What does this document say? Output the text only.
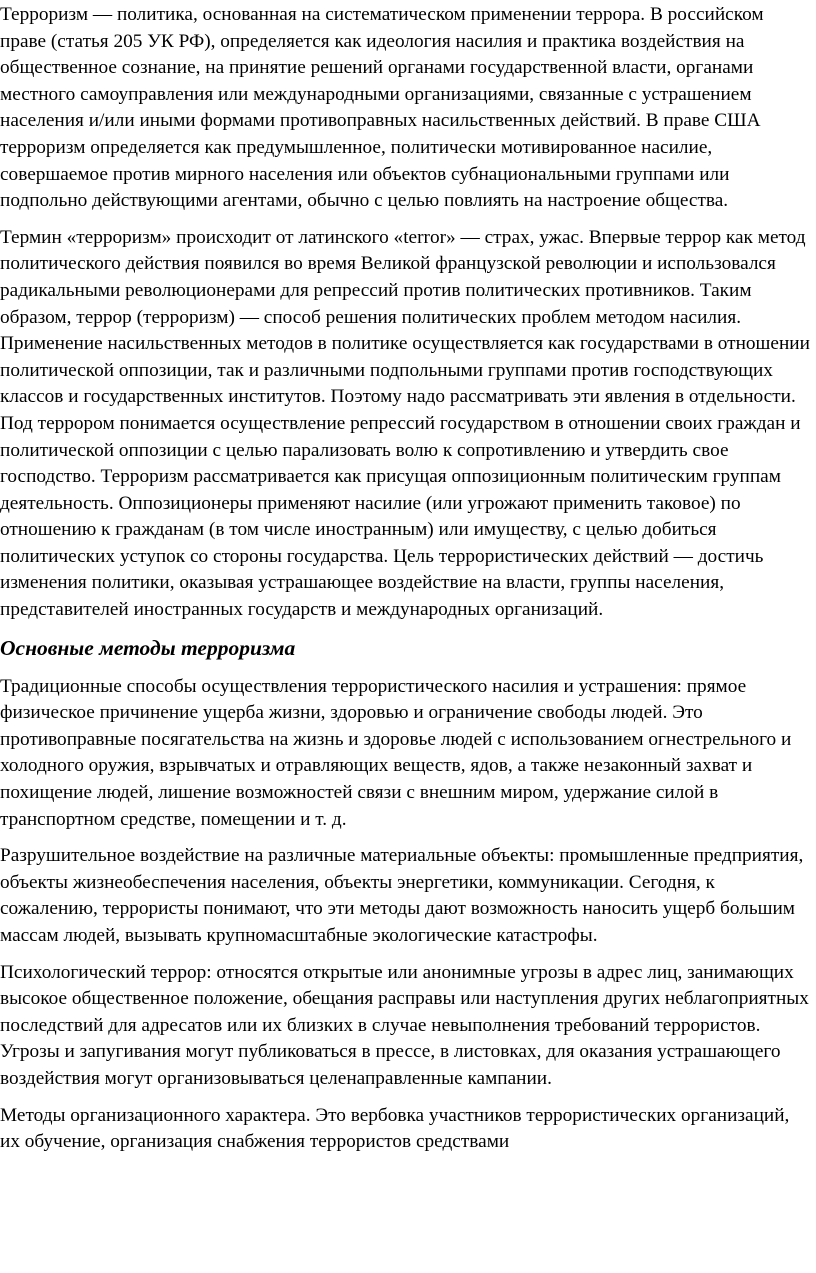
Терроризм — политика, основанная на систематическом применении террора. В российском праве (статья 205 УК РФ), определяется как идеология насилия и практика воздействия на общественное сознание, на принятие решений органами государственной власти, органами местного самоуправления или международными организациями, связанные с устрашением населения и/или иными формами противоправных насильственных действий. В праве США терроризм определяется как предумышленное, политически мотивированное насилие, совершаемое против мирного населения или объектов субнациональными группами или подпольно действующими агентами, обычно с целью повлиять на настроение общества.

Термин «терроризм» происходит от латинского «terror» — страх, ужас. Впервые террор как метод политического действия появился во время Великой французской революции и использовался радикальными революционерами для репрессий против политических противников. Таким образом, террор (терроризм) — способ решения политических проблем методом насилия. Применение насильственных методов в политике осуществляется как государствами в отношении политической оппозиции, так и различными подпольными группами против господствующих классов и государственных институтов. Поэтому надо рассматривать эти явления в отдельности. Под террором понимается осуществление репрессий государством в отношении своих граждан и политической оппозиции с целью парализовать волю к сопротивлению и утвердить свое господство. Терроризм рассматривается как присущая оппозиционным политическим группам деятельность. Оппозиционеры применяют насилие (или угрожают применить таковое) по отношению к гражданам (в том числе иностранным) или имуществу, с целью добиться политических уступок со стороны государства. Цель террористических действий — достичь изменения политики, оказывая устрашающее воздействие на власти, группы населения, представителей иностранных государств и международных организаций.

Основные методы терроризма

Традиционные способы осуществления террористического насилия и устрашения: прямое физическое причинение ущерба жизни, здоровью и ограничение свободы людей. Это противоправные посягательства на жизнь и здоровье людей с использованием огнестрельного и холодного оружия, взрывчатых и отравляющих веществ, ядов, а также незаконный захват и похищение людей, лишение возможностей связи с внешним миром, удержание силой в транспортном средстве, помещении и т. д.

Разрушительное воздействие на различные материальные объекты: промышленные предприятия, объекты жизнеобеспечения населения, объекты энергетики, коммуникации. Сегодня, к сожалению, террористы понимают, что эти методы дают возможность наносить ущерб большим массам людей, вызывать крупномасштабные экологические катастрофы.

Психологический террор: относятся открытые или анонимные угрозы в адрес лиц, занимающих высокое общественное положение, обещания расправы или наступления других неблагоприятных последствий для адресатов или их близких в случае невыполнения требований террористов. Угрозы и запугивания могут публиковаться в прессе, в листовках, для оказания устрашающего воздействия могут организовываться целенаправленные кампании.

Методы организационного характера. Это вербовка участников террористических организаций, их обучение, организация снабжения террористов средствами
